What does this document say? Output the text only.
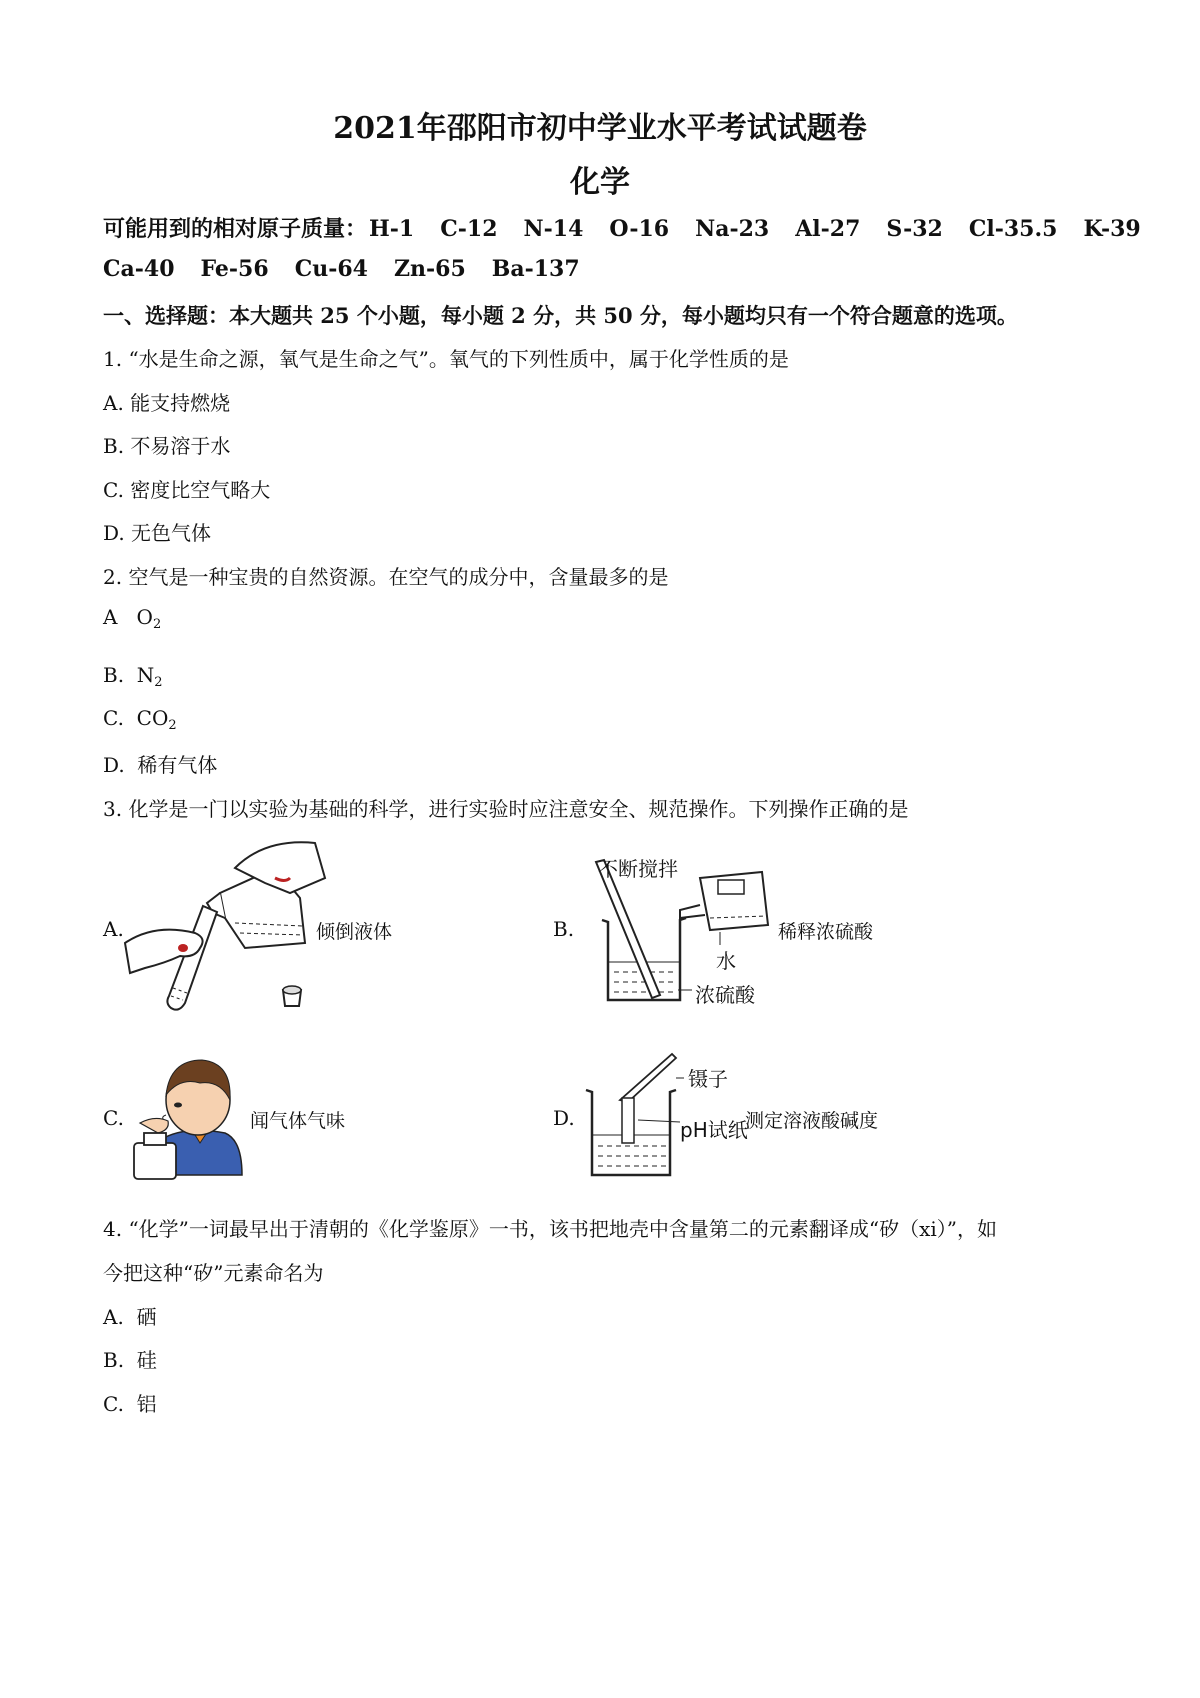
2021年邵阳市初中学业水平考试试题卷
化学
可能用到的相对原子质量：H-1 C-12 N-14 O-16 Na-23 Al-27 S-32 Cl-35.5 K-39
Ca-40 Fe-56 Cu-64 Zn-65 Ba-137
一、选择题：本大题共 25 个小题，每小题 2 分，共 50 分，每小题均只有一个符合题意的选项。
1. “水是生命之源，氧气是生命之气”。氧气的下列性质中，属于化学性质的是
A. 能支持燃烧
B. 不易溶于水
C. 密度比空气略大
D. 无色气体
2. 空气是一种宝贵的自然资源。在空气的成分中，含量最多的是
A $O_2$
B. $N_2$
C. $CO_2$
D. 稀有气体
3. 化学是一门以实验为基础的科学，进行实验时应注意安全、规范操作。下列操作正确的是
A.	倾倒液体	B.
不断搅拌
水
浓硫酸
稀释浓硫酸
C.	闻气体气味	D.
镊子
pH试纸
测定溶液酸碱度
4. “化学”一词最早出于清朝的《化学鉴原》一书，该书把地壳中含量第二的元素翻译成“矽（xi）”，如
今把这种“矽”元素命名为
A. 硒
B. 硅
C. 铝
